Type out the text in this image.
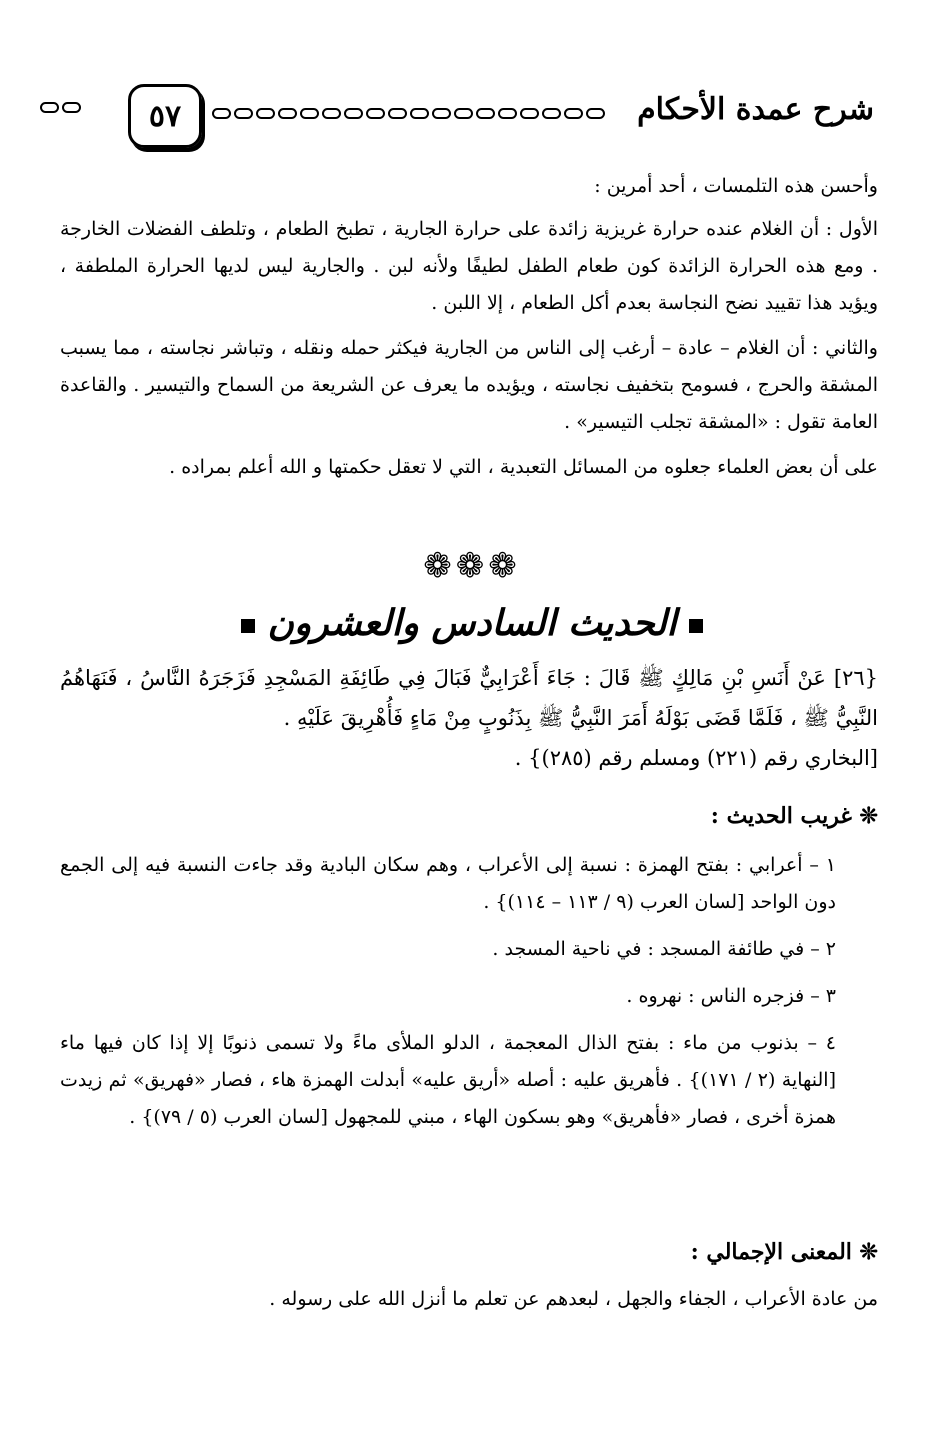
٥٧	شرح عمدة الأحكام

وأحسن هذه التلمسات ، أحد أمرين :

الأول : أن الغلام عنده حرارة غريزية زائدة على حرارة الجارية ، تطبخ الطعام ، وتلطف الفضلات الخارجة . ومع هذه الحرارة الزائدة كون طعام الطفل لطيفًا ولأنه لبن . والجارية ليس لديها الحرارة الملطفة ، ويؤيد هذا تقييد نضح النجاسة بعدم أكل الطعام ، إلا اللبن .

والثاني : أن الغلام – عادة – أرغب إلى الناس من الجارية فيكثر حمله ونقله ، وتباشر نجاسته ، مما يسبب المشقة والحرج ، فسومح بتخفيف نجاسته ، ويؤيده ما يعرف عن الشريعة من السماح والتيسير . والقاعدة العامة تقول : «المشقة تجلب التيسير» .

على أن بعض العلماء جعلوه من المسائل التعبدية ، التي لا تعقل حكمتها و الله أعلم بمراده .

❁❁❁
الحديث السادس والعشرون

{٢٦] عَنْ أَنَسِ بْنِ مَالِكٍ ﷺ قَالَ : جَاءَ أَعْرَابِيٌّ فَبَالَ فِي طَائِفَةِ المَسْجِدِ فَزَجَرَهُ النَّاسُ ، فَنَهَاهُمُ النَّبِيُّ ﷺ ، فَلَمَّا قَضَى بَوْلَهُ أَمَرَ النَّبِيُّ ﷺ بِذَنُوبٍ مِنْ مَاءٍ فَأُهْرِيقَ عَلَيْهِ .

[البخاري رقم (٢٢١) ومسلم رقم (٢٨٥)} .

❊ غريب الحديث :

١ – أعرابي : بفتح الهمزة : نسبة إلى الأعراب ، وهم سكان البادية وقد جاءت النسبة فيه إلى الجمع دون الواحد [لسان العرب (٩ / ١١٣ – ١١٤)} .

٢ – في طائفة المسجد : في ناحية المسجد .

٣ – فزجره الناس : نهروه .

٤ – بذنوب من ماء : بفتح الذال المعجمة ، الدلو الملأى ماءً ولا تسمى ذنوبًا إلا إذا كان فيها ماء [النهاية (٢ / ١٧١)} . فأهريق عليه : أصله «أريق عليه» أبدلت الهمزة هاء ، فصار «فهريق» ثم زيدت همزة أخرى ، فصار «فأهريق» وهو بسكون الهاء ، مبني للمجهول [لسان العرب (٥ / ٧٩)} .

❊ المعنى الإجمالي :

من عادة الأعراب ، الجفاء والجهل ، لبعدهم عن تعلم ما أنزل الله على رسوله .
